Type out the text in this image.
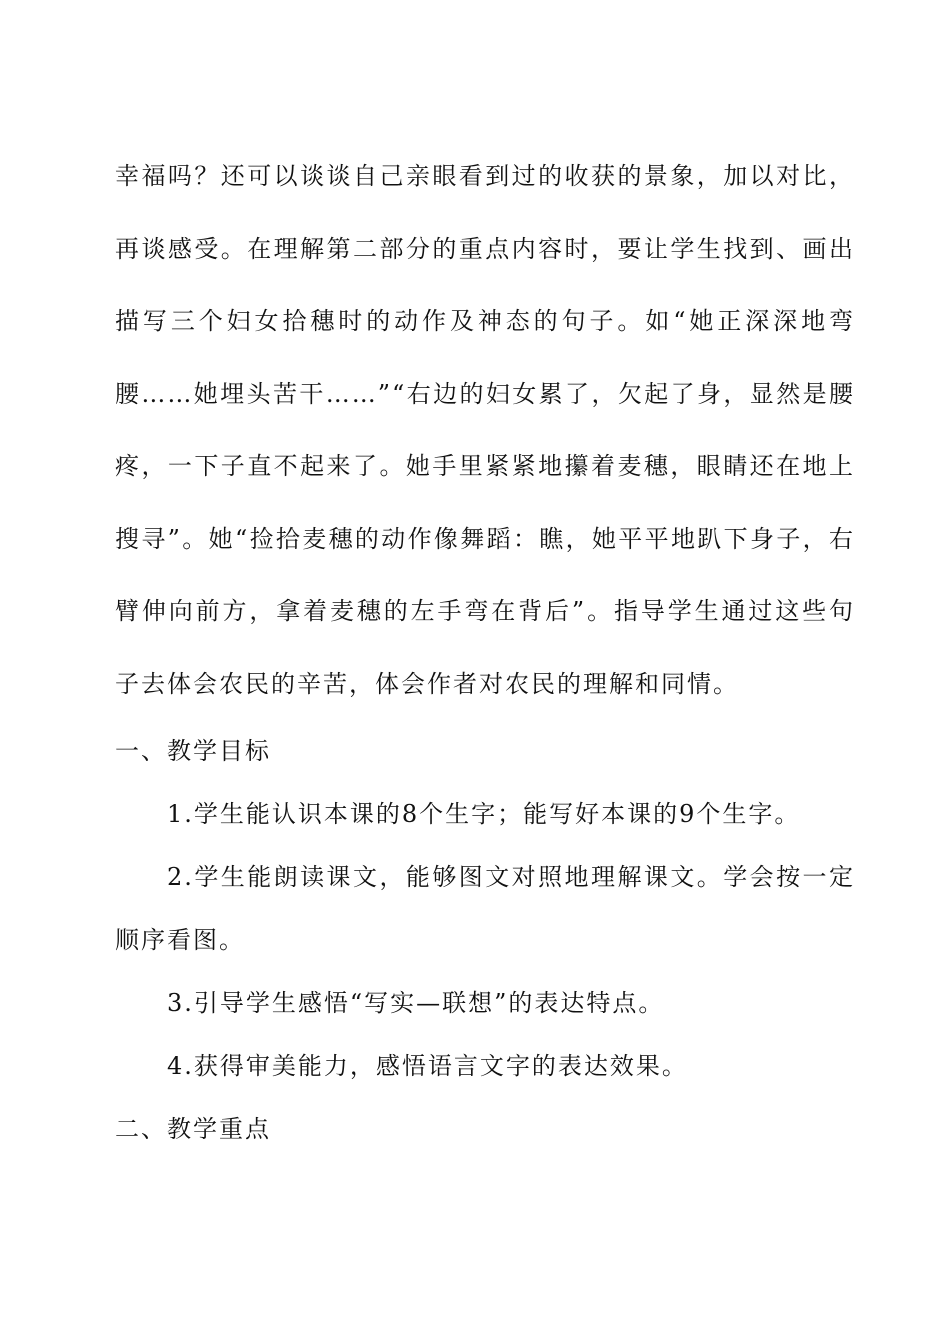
幸福吗？还可以谈谈自己亲眼看到过的收获的景象，加以对比，再谈感受。在理解第二部分的重点内容时，要让学生找到、画出描写三个妇女拾穗时的动作及神态的句子。如“她正深深地弯腰……她埋头苦干……”“右边的妇女累了，欠起了身，显然是腰疼，一下子直不起来了。她手里紧紧地攥着麦穗，眼睛还在地上搜寻”。她“捡拾麦穗的动作像舞蹈：瞧，她平平地趴下身子，右臂伸向前方，拿着麦穗的左手弯在背后”。指导学生通过这些句子去体会农民的辛苦，体会作者对农民的理解和同情。

一、教学目标

1.学生能认识本课的8个生字；能写好本课的9个生字。

2.学生能朗读课文，能够图文对照地理解课文。学会按一定顺序看图。

3.引导学生感悟“写实—联想”的表达特点。

4.获得审美能力，感悟语言文字的表达效果。

二、教学重点
